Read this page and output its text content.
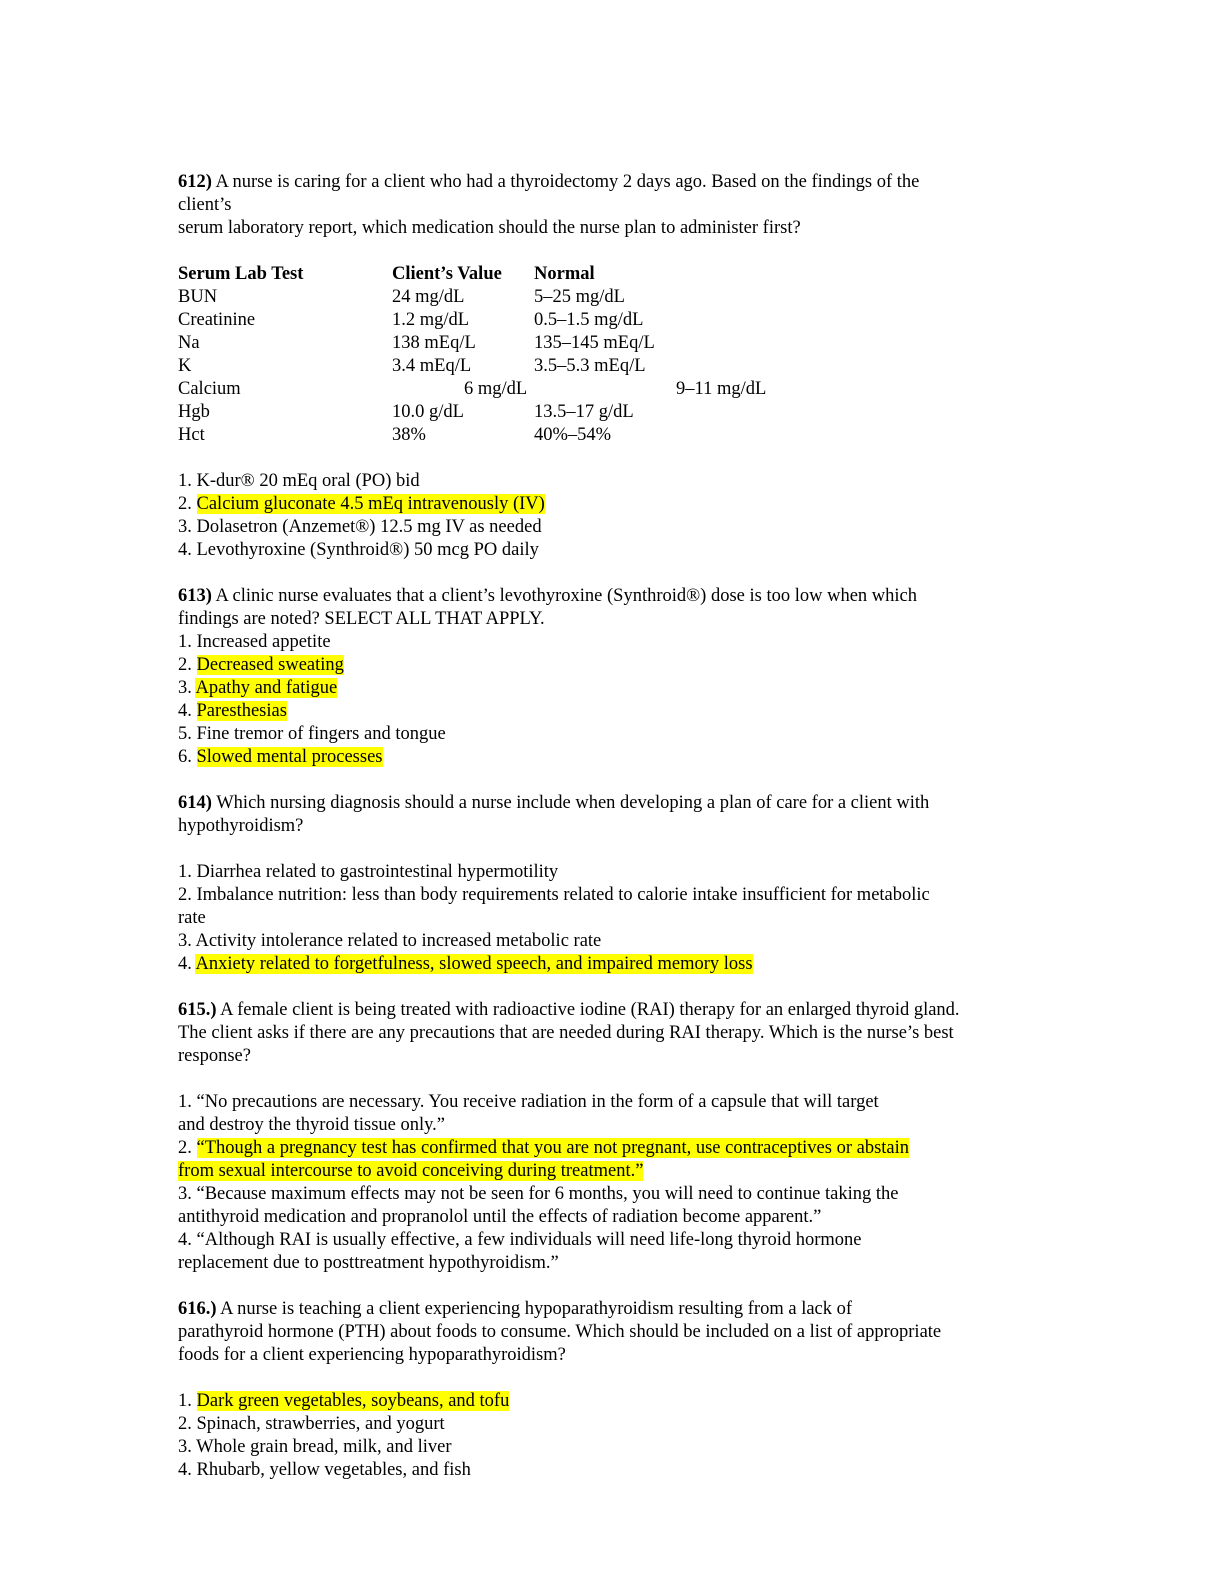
612) A nurse is caring for a client who had a thyroidectomy 2 days ago. Based on the findings of the
client’s
serum laboratory report, which medication should the nurse plan to administer first?
Serum Lab Test	Client’s Value	Normal
BUN	24 mg/dL	5–25 mg/dL
Creatinine	1.2 mg/dL	0.5–1.5 mg/dL
Na	138 mEq/L	135–145 mEq/L
K	3.4 mEq/L	3.5–5.3 mEq/L
Calcium	6 mg/dL	9–11 mg/dL
Hgb	10.0 g/dL	13.5–17 g/dL
Hct	38%	40%–54%
1. K-dur® 20 mEq oral (PO) bid
2. Calcium gluconate 4.5 mEq intravenously (IV)
3. Dolasetron (Anzemet®) 12.5 mg IV as needed
4. Levothyroxine (Synthroid®) 50 mcg PO daily
613) A clinic nurse evaluates that a client’s levothyroxine (Synthroid®) dose is too low when which
findings are noted? SELECT ALL THAT APPLY.
1. Increased appetite
2. Decreased sweating
3. Apathy and fatigue
4. Paresthesias
5. Fine tremor of fingers and tongue
6. Slowed mental processes
614) Which nursing diagnosis should a nurse include when developing a plan of care for a client with
hypothyroidism?
1. Diarrhea related to gastrointestinal hypermotility
2. Imbalance nutrition: less than body requirements related to calorie intake insufficient for metabolic
rate
3. Activity intolerance related to increased metabolic rate
4. Anxiety related to forgetfulness, slowed speech, and impaired memory loss
615.) A female client is being treated with radioactive iodine (RAI) therapy for an enlarged thyroid gland.
The client asks if there are any precautions that are needed during RAI therapy. Which is the nurse’s best
response?
1. “No precautions are necessary. You receive radiation in the form of a capsule that will target
and destroy the thyroid tissue only.”
2. “Though a pregnancy test has confirmed that you are not pregnant, use contraceptives or abstain
from sexual intercourse to avoid conceiving during treatment.”
3. “Because maximum effects may not be seen for 6 months, you will need to continue taking the
antithyroid medication and propranolol until the effects of radiation become apparent.”
4. “Although RAI is usually effective, a few individuals will need life-long thyroid hormone
replacement due to posttreatment hypothyroidism.”
616.) A nurse is teaching a client experiencing hypoparathyroidism resulting from a lack of
parathyroid hormone (PTH) about foods to consume. Which should be included on a list of appropriate
foods for a client experiencing hypoparathyroidism?
1. Dark green vegetables, soybeans, and tofu
2. Spinach, strawberries, and yogurt
3. Whole grain bread, milk, and liver
4. Rhubarb, yellow vegetables, and fish
